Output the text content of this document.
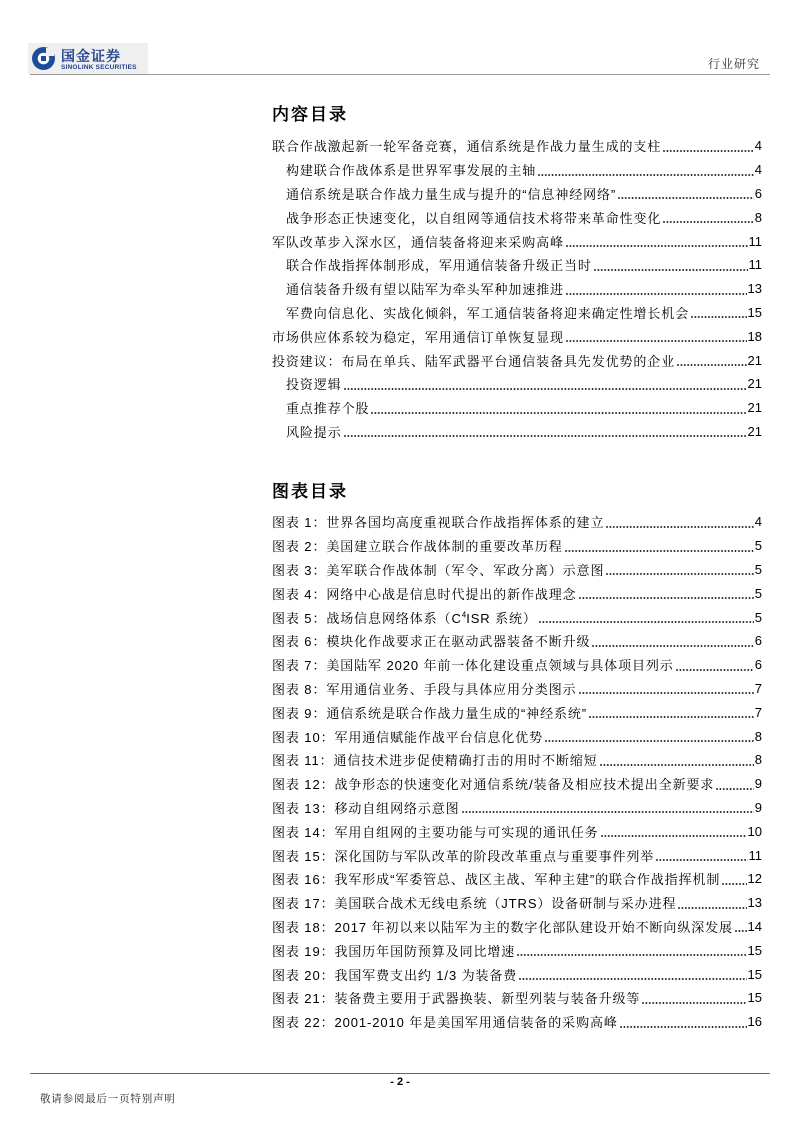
国金证券
SINOLINK SECURITIES	行业研究
内容目录
联合作战激起新一轮军备竞赛，通信系统是作战力量生成的支柱	4
构建联合作战体系是世界军事发展的主轴	4
通信系统是联合作战力量生成与提升的“信息神经网络”	6
战争形态正快速变化，以自组网等通信技术将带来革命性变化	8
军队改革步入深水区，通信装备将迎来采购高峰	11
联合作战指挥体制形成，军用通信装备升级正当时	11
通信装备升级有望以陆军为牵头军种加速推进	13
军费向信息化、实战化倾斜，军工通信装备将迎来确定性增长机会	15
市场供应体系较为稳定，军用通信订单恢复显现	18
投资建议：布局在单兵、陆军武器平台通信装备具先发优势的企业	21
投资逻辑	21
重点推荐个股	21
风险提示	21
图表目录
图表 1：世界各国均高度重视联合作战指挥体系的建立	4
图表 2：美国建立联合作战体制的重要改革历程	5
图表 3：美军联合作战体制（军令、军政分离）示意图	5
图表 4：网络中心战是信息时代提出的新作战理念	5
图表 5：战场信息网络体系（$C^4ISR$ 系统）	5
图表 6：模块化作战要求正在驱动武器装备不断升级	6
图表 7：美国陆军 2020 年前一体化建设重点领域与具体项目列示	6
图表 8：军用通信业务、手段与具体应用分类图示	7
图表 9：通信系统是联合作战力量生成的“神经系统”	7
图表 10：军用通信赋能作战平台信息化优势	8
图表 11：通信技术进步促使精确打击的用时不断缩短	8
图表 12：战争形态的快速变化对通信系统/装备及相应技术提出全新要求	9
图表 13：移动自组网络示意图	9
图表 14：军用自组网的主要功能与可实现的通讯任务	10
图表 15：深化国防与军队改革的阶段改革重点与重要事件列举	11
图表 16：我军形成“军委管总、战区主战、军种主建”的联合作战指挥机制 12
图表 17：美国联合战术无线电系统（JTRS）设备研制与采办进程	13
图表 18：2017 年初以来以陆军为主的数字化部队建设开始不断向纵深发展 14
图表 19：我国历年国防预算及同比增速	15
图表 20：我国军费支出约 1/3 为装备费	15
图表 21：装备费主要用于武器换装、新型列装与装备升级等	15
图表 22：2001-2010 年是美国军用通信装备的采购高峰	16
- 2 -
敬请参阅最后一页特别声明
